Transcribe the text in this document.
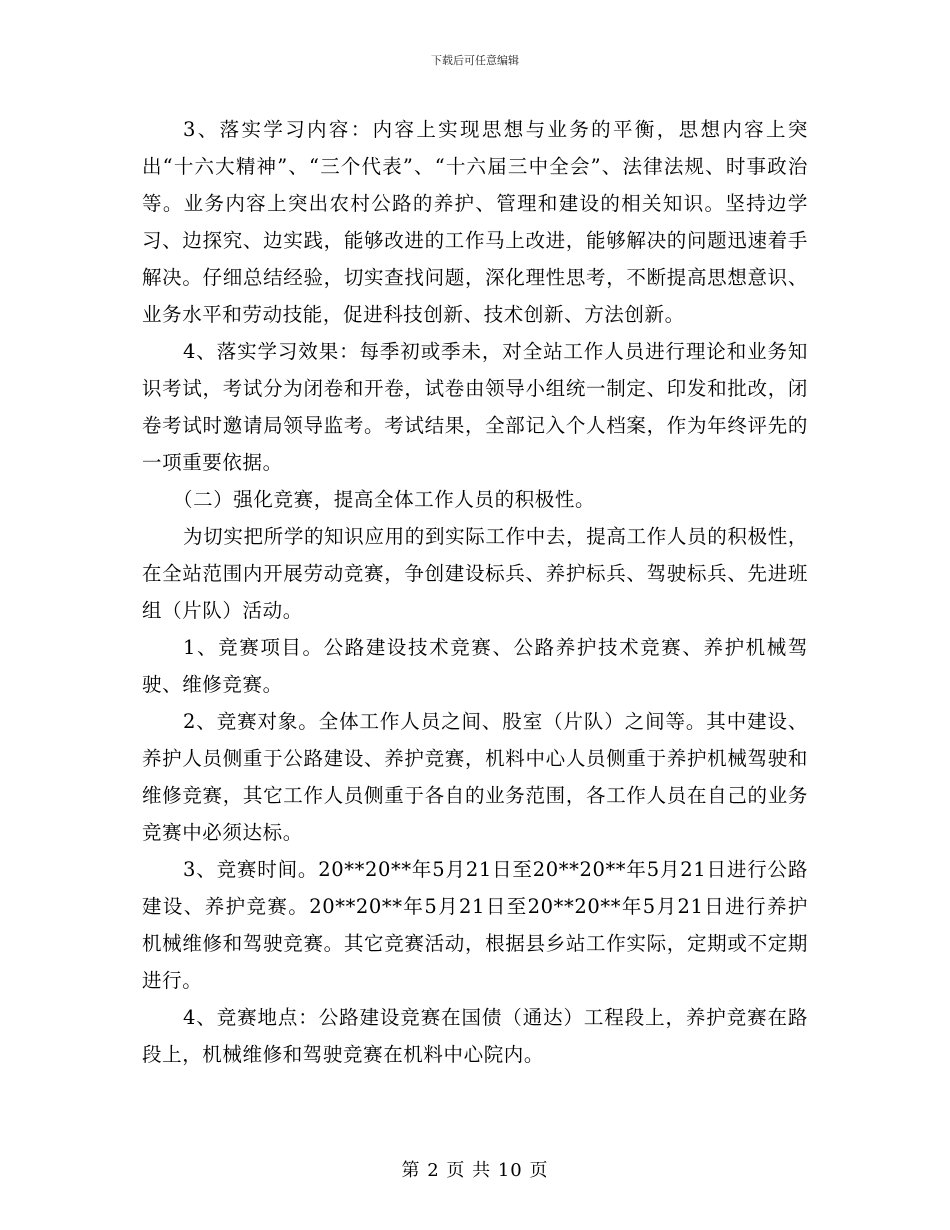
下载后可任意编辑

3、落实学习内容：内容上实现思想与业务的平衡，思想内容上突出“十六大精神”、“三个代表”、“十六届三中全会”、法律法规、时事政治等。业务内容上突出农村公路的养护、管理和建设的相关知识。坚持边学习、边探究、边实践，能够改进的工作马上改进，能够解决的问题迅速着手解决。仔细总结经验，切实查找问题，深化理性思考，不断提高思想意识、业务水平和劳动技能，促进科技创新、技术创新、方法创新。

4、落实学习效果：每季初或季未，对全站工作人员进行理论和业务知识考试，考试分为闭卷和开卷，试卷由领导小组统一制定、印发和批改，闭卷考试时邀请局领导监考。考试结果，全部记入个人档案，作为年终评先的一项重要依据。

（二）强化竞赛，提高全体工作人员的积极性。

为切实把所学的知识应用的到实际工作中去，提高工作人员的积极性，在全站范围内开展劳动竞赛，争创建设标兵、养护标兵、驾驶标兵、先进班组（片队）活动。

1、竞赛项目。公路建设技术竞赛、公路养护技术竞赛、养护机械驾驶、维修竞赛。

2、竞赛对象。全体工作人员之间、股室（片队）之间等。其中建设、养护人员侧重于公路建设、养护竞赛，机料中心人员侧重于养护机械驾驶和维修竞赛，其它工作人员侧重于各自的业务范围，各工作人员在自己的业务竞赛中必须达标。

3、竞赛时间。20**20**年5月21日至20**20**年5月21日进行公路建设、养护竞赛。20**20**年5月21日至20**20**年5月21日进行养护机械维修和驾驶竞赛。其它竞赛活动，根据县乡站工作实际，定期或不定期进行。

4、竞赛地点：公路建设竞赛在国债（通达）工程段上，养护竞赛在路段上，机械维修和驾驶竞赛在机料中心院内。

第 2 页 共 10 页
